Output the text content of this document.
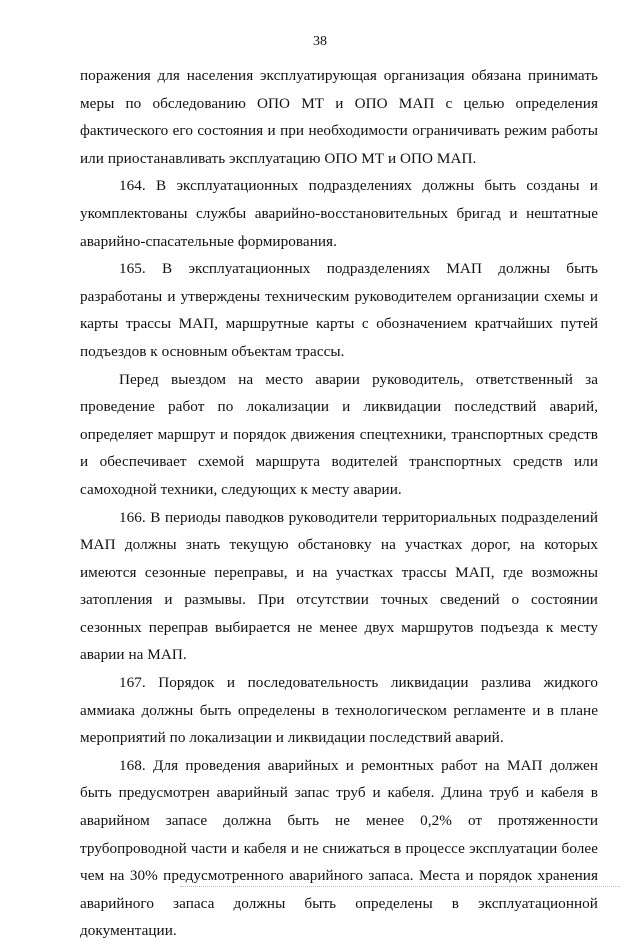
38

поражения для населения эксплуатирующая организация обязана принимать меры по обследованию ОПО МТ и ОПО МАП с целью определения фактического его состояния и при необходимости ограничивать режим работы или приостанавливать эксплуатацию ОПО МТ и ОПО МАП.

164. В эксплуатационных подразделениях должны быть созданы и укомплектованы службы аварийно-восстановительных бригад и нештатные аварийно-спасательные формирования.

165. В эксплуатационных подразделениях МАП должны быть разработаны и утверждены техническим руководителем организации схемы и карты трассы МАП, маршрутные карты с обозначением кратчайших путей подъездов к основным объектам трассы.

Перед выездом на место аварии руководитель, ответственный за проведение работ по локализации и ликвидации последствий аварий, определяет маршрут и порядок движения спецтехники, транспортных средств и обеспечивает схемой маршрута водителей транспортных средств или самоходной техники, следующих к месту аварии.

166. В периоды паводков руководители территориальных подразделений МАП должны знать текущую обстановку на участках дорог, на которых имеются сезонные переправы, и на участках трассы МАП, где возможны затопления и размывы. При отсутствии точных сведений о состоянии сезонных переправ выбирается не менее двух маршрутов подъезда к месту аварии на МАП.

167. Порядок и последовательность ликвидации разлива жидкого аммиака должны быть определены в технологическом регламенте и в плане мероприятий по локализации и ликвидации последствий аварий.

168. Для проведения аварийных и ремонтных работ на МАП должен быть предусмотрен аварийный запас труб и кабеля. Длина труб и кабеля в аварийном запасе должна быть не менее 0,2% от протяженности трубопроводной части и кабеля и не снижаться в процессе эксплуатации более чем на 30% предусмотренного аварийного запаса. Места и порядок хранения аварийного запаса должны быть определены в эксплуатационной документации.
